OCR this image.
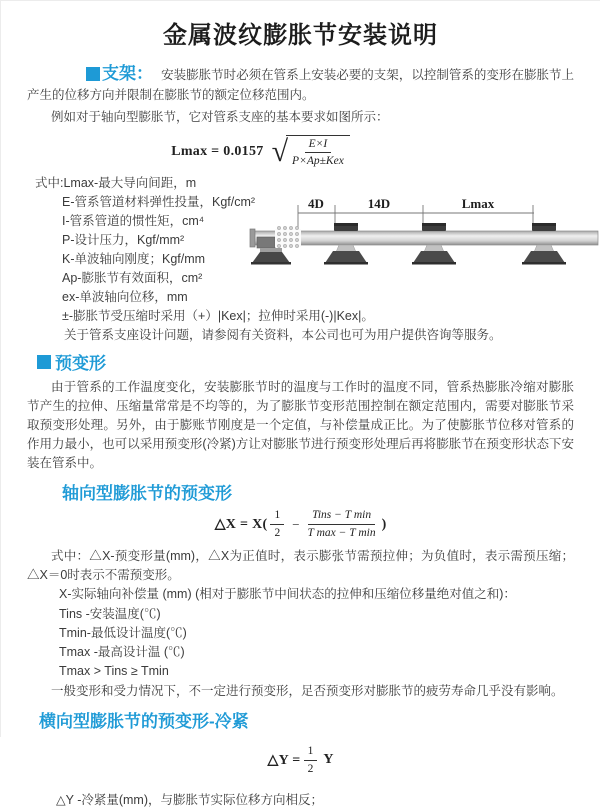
金属波纹膨胀节安装说明

支架： 安装膨胀节时必须在管系上安装必要的支架，以控制管系的变形在膨胀节上产生的位移方向并限制在膨胀节的额定位移范围内。

例如对于轴向型膨胀节，它对管系支座的基本要求如图所示：

Lmax = 0.0157 √
$\frac{E\times I}{\text{P×Ap±Kex}}$
式中:Lmax-最大导向间距，m
E-管系管道材料弹性投量，Kgf/cm²
I-管系管道的惯性矩，cm⁴
P-设计压力，Kgf/mm²
K-单波轴向刚度；Kgf/mm
Ap-膨胀节有效面积，cm²
ex-单波轴向位移，mm
±-膨胀节受压缩时采用（+）|Kex|；拉伸时采用(-)|Kex|。
关于管系支座设计问题，请参阅有关资料，本公司也可为用户提供咨询等服务。
4D	14D	Lmax
预变形

由于管系的工作温度变化，安装膨胀节时的温度与工作时的温度不同，管系热膨胀冷缩对膨胀节产生的拉伸、压缩量常常是不均等的，为了膨胀节变形范围控制在额定范围内，需要对膨胀节采取预变形处理。另外，由于膨账节刚度是一个定值，与补偿量成正比。为了使膨胀节位移对管系的作用力最小，也可以采用预变形(冷紧)方让对膨胀节进行预变形处理后再将膨胀节在预变形状态下安装在管系中。

轴向型膨胀节的预变形
△X = $X( \frac{1}{2} - \frac{\text{Tins − T min}}{\text{T max − T min}}$ )

式中：△X-预变形量(mm)，△X为正值时，表示膨张节需预拉伸；为负值时，表示需预压缩；△X＝0时表示不需预变形。

X-实际轴向补偿量 (mm) (相对于膨胀节中间状态的拉伸和压缩位移量绝对值之和)：
Tins -安装温度(℃)
Tmin-最低设计温度(℃)
Tmax -最高设计温 (℃)
Tmax > Tins ≥ Tmin

一般变形和受力情况下，不一定进行预变形，足否预变形对膨胀节的疲劳寿命几乎没有影响。

横向型膨胀节的预变形-冷紧
△Y = $\frac{1}{2}$ Y
△Y -冷紧量(mm)，与膨胀节实际位移方向相反；
